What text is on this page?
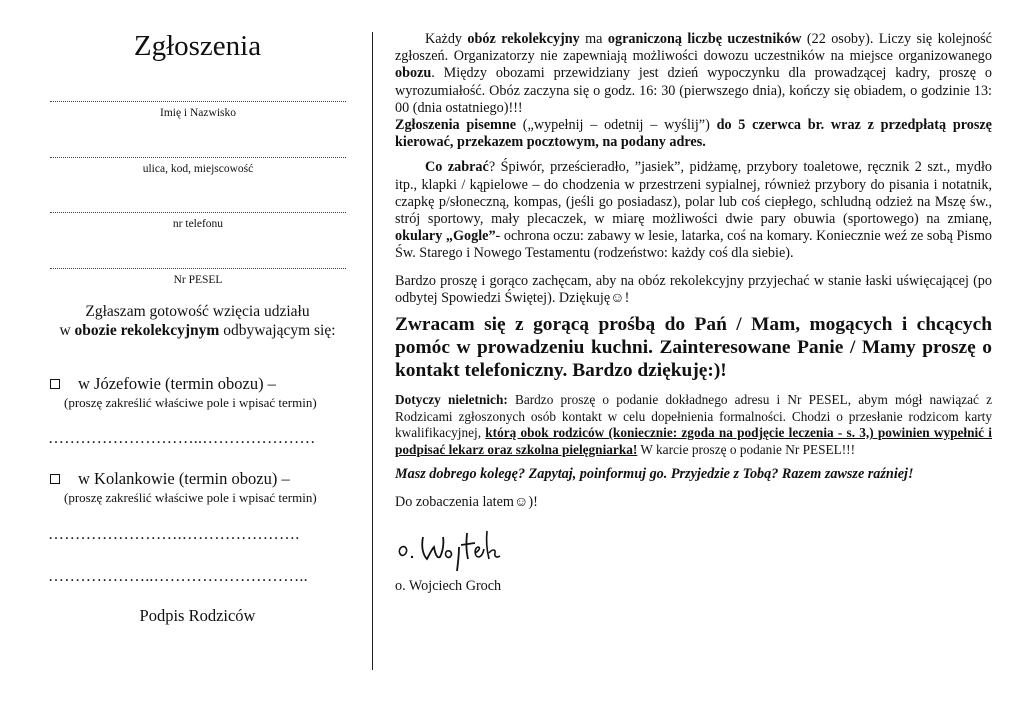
Zgłoszenia
Imię i Nazwisko
ulica, kod, miejscowość
nr telefonu
Nr PESEL
Zgłaszam gotowość wzięcia udziału
w obozie rekolekcyjnym odbywającym się:
w Józefowie (termin obozu) –
(proszę zakreślić właściwe pole i wpisać termin)
………………………..…………………
w Kolankowie (termin obozu) –
(proszę zakreślić właściwe pole i wpisać termin)
…………………….………………….
………………..………………………..
Podpis Rodziców

Każdy obóz rekolekcyjny ma ograniczoną liczbę uczestników (22 osoby). Liczy się kolejność zgłoszeń. Organizatorzy nie zapewniają możliwości dowozu uczestników na miejsce organizowanego obozu. Między obozami przewidziany jest dzień wypoczynku dla prowadzącej kadry, proszę o wyrozumiałość. Obóz zaczyna się o godz. 16: 30 (pierwszego dnia), kończy się obiadem, o godzinie 13: 00 (dnia ostatniego)!!!

Zgłoszenia pisemne („wypełnij – odetnij – wyślij”) do 5 czerwca br. wraz z przedpłatą proszę kierować, przekazem pocztowym, na podany adres.

Co zabrać? Śpiwór, prześcieradło, ”jasiek”, pidżamę, przybory toaletowe, ręcznik 2 szt., mydło itp., klapki / kąpielowe – do chodzenia w przestrzeni sypialnej, również przybory do pisania i notatnik, czapkę p/słoneczną, kompas, (jeśli go posiadasz), polar lub coś ciepłego, schludną odzież na Mszę św., strój sportowy, mały plecaczek, w miarę możliwości dwie pary obuwia (sportowego) na zmianę, okulary „Gogle”- ochrona oczu: zabawy w lesie, latarka, coś na komary. Koniecznie weź ze sobą Pismo Św. Starego i Nowego Testamentu (rodzeństwo: każdy coś dla siebie).

Bardzo proszę i gorąco zachęcam, aby na obóz rekolekcyjny przyjechać w stanie łaski uświęcającej (po odbytej Spowiedzi Świętej). Dziękuję☺!

Zwracam się z gorącą prośbą do Pań / Mam, mogących i chcących pomóc w prowadzeniu kuchni. Zainteresowane Panie / Mamy proszę o kontakt telefoniczny. Bardzo dziękuję:)!

Dotyczy nieletnich: Bardzo proszę o podanie dokładnego adresu i Nr PESEL, abym mógł nawiązać z Rodzicami zgłoszonych osób kontakt w celu dopełnienia formalności. Chodzi o przesłanie rodzicom karty kwalifikacyjnej, którą obok rodziców (koniecznie: zgoda na podjęcie leczenia - s. 3,) powinien wypełnić i podpisać lekarz oraz szkolna pielęgniarka! W karcie proszę o podanie Nr PESEL!!!

Masz dobrego kolegę? Zapytaj, poinformuj go. Przyjedzie z Tobą? Razem zawsze raźniej!

Do zobaczenia latem☺)!

o. Wojciech Groch
